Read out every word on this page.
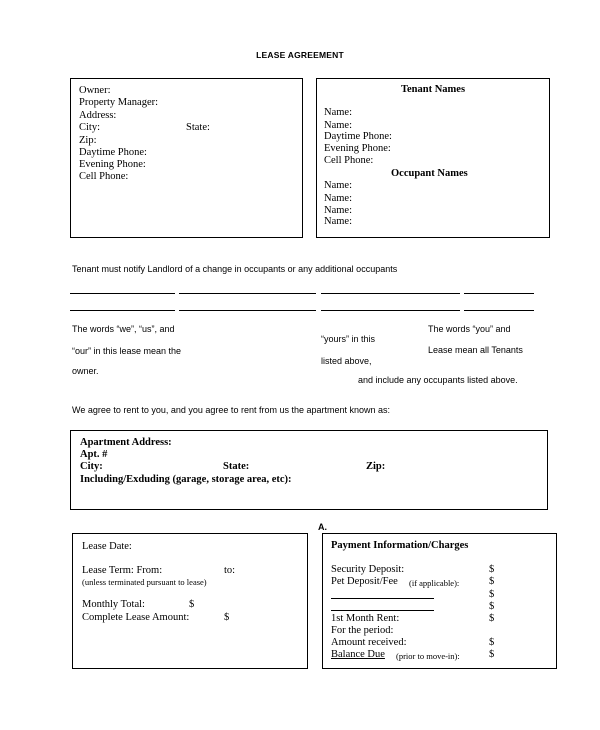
LEASE AGREEMENT
Owner:
Property Manager:
Address:
City:	State:
Zip:
Daytime Phone:
Evening Phone:
Cell Phone:
Tenant Names
Name:
Name:
Daytime Phone:
Evening Phone:
Cell Phone:
Occupant Names
Name:
Name:
Name:
Name:
Tenant must notify Landlord of a change in occupants or any additional occupants
The words “we”, “us”, and
“our” in this lease mean the
owner.
“yours” in this
listed above,
The words “you” and
Lease mean all Tenants
and include any occupants listed above.
We agree to rent to you, and you agree to rent from us the apartment known as:
Apartment Address:
Apt. #
City:	State:	Zip:
Including/Exduding (garage, storage area, etc):
A.
Lease Date:
Lease Term: From:	to:
(unless terminated pursuant to lease)
Monthly Total:	$
Complete Lease Amount:	$
Payment Information/Charges
Security Deposit:	$
Pet Deposit/Fee (if applicable):	$
$
$
1st Month Rent:	$
For the period:
Amount received:	$
Balance Due (prior to move-in):	$
